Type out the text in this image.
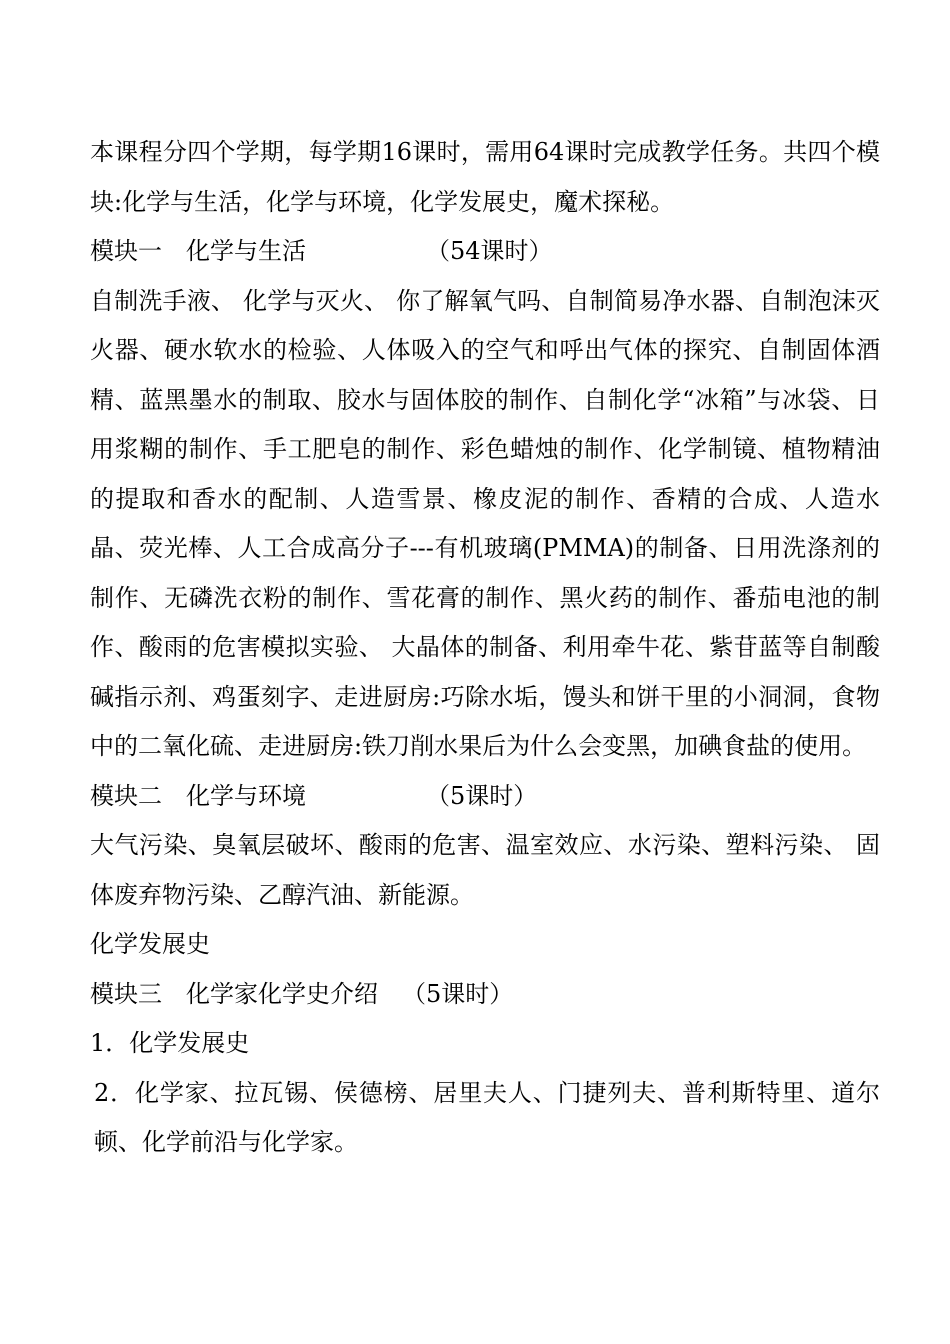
本课程分四个学期，每学期16课时，需用64课时完成教学任务。共四个模块:化学与生活，化学与环境，化学发展史，魔术探秘。

模块一 化学与生活	（54课时）

自制洗手液、 化学与灭火、 你了解氧气吗、自制简易净水器、自制泡沫灭火器、硬水软水的检验、人体吸入的空气和呼出气体的探究、自制固体酒精、蓝黑墨水的制取、胶水与固体胶的制作、自制化学“冰箱”与冰袋、日用浆糊的制作、手工肥皂的制作、彩色蜡烛的制作、化学制镜、植物精油的提取和香水的配制、人造雪景、橡皮泥的制作、香精的合成、人造水晶、荧光棒、人工合成高分子---有机玻璃(PMMA)的制备、日用洗涤剂的制作、无磷洗衣粉的制作、雪花膏的制作、黑火药的制作、番茄电池的制作、酸雨的危害模拟实验、 大晶体的制备、利用牵牛花、紫苷蓝等自制酸碱指示剂、鸡蛋刻字、走进厨房:巧除水垢，馒头和饼干里的小洞洞，食物中的二氧化硫、走进厨房:铁刀削水果后为什么会变黑，加碘食盐的使用。

模块二 化学与环境	（5课时）

大气污染、臭氧层破坏、酸雨的危害、温室效应、水污染、塑料污染、 固体废弃物污染、乙醇汽油、新能源。

化学发展史

模块三 化学家化学史介绍 （5课时）

1．化学发展史

2．化学家、拉瓦锡、侯德榜、居里夫人、门捷列夫、普利斯特里、道尔顿、化学前沿与化学家。
